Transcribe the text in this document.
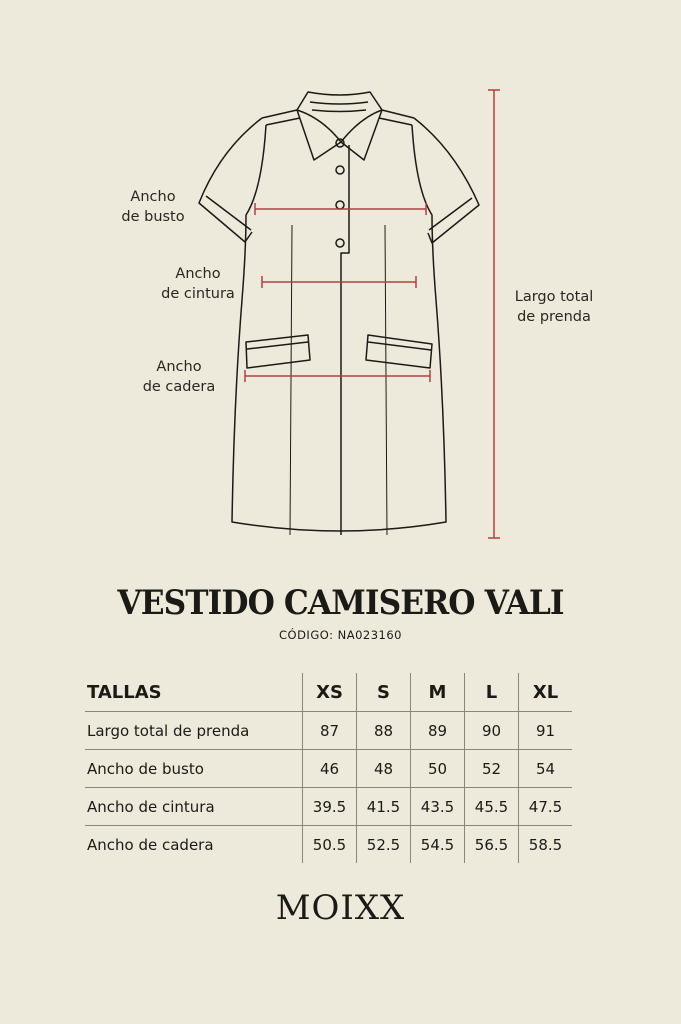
Ancho
de busto
Ancho
de cintura
Ancho
de cadera
Largo total
de prenda
VESTIDO CAMISERO VALI
CÓDIGO: NA023160
TALLAS	XS	S	M	L	XL
Largo total de prenda	87	88	89	90	91
Ancho de busto	46	48	50	52	54
Ancho de cintura	39.5	41.5	43.5	45.5	47.5
Ancho de cadera	50.5	52.5	54.5	56.5	58.5
MOIXX
